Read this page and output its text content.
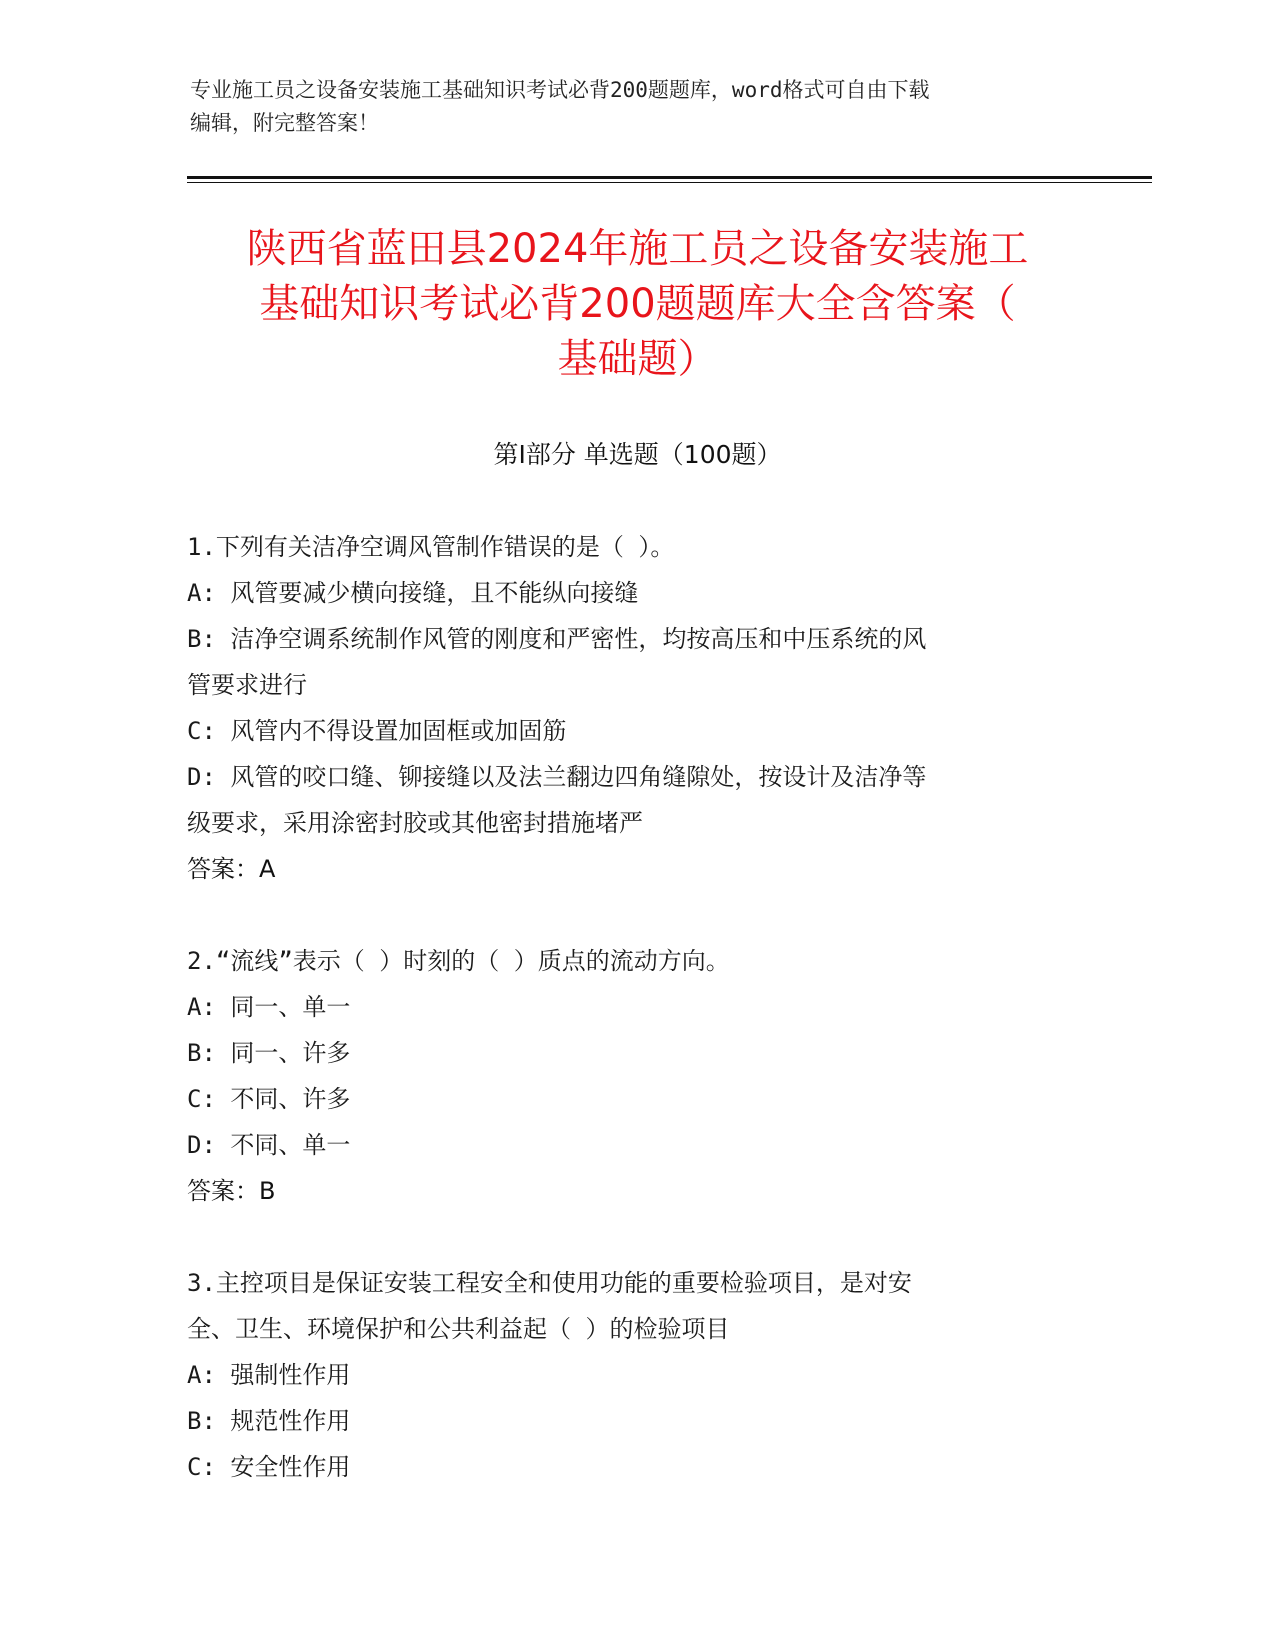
专业施工员之设备安装施工基础知识考试必背200题题库，word格式可自由下载
编辑，附完整答案！
陕西省蓝田县2024年施工员之设备安装施工
基础知识考试必背200题题库大全含答案（
基础题）
第I部分 单选题（100题）

1.下列有关洁净空调风管制作错误的是（ ）。

A: 风管要减少横向接缝，且不能纵向接缝

B: 洁净空调系统制作风管的刚度和严密性，均按高压和中压系统的风

管要求进行

C: 风管内不得设置加固框或加固筋

D: 风管的咬口缝、铆接缝以及法兰翻边四角缝隙处，按设计及洁净等

级要求，采用涂密封胶或其他密封措施堵严

答案：A

2.“流线”表示（ ）时刻的（ ）质点的流动方向。

A: 同一、单一

B: 同一、许多

C: 不同、许多

D: 不同、单一

答案：B

3.主控项目是保证安装工程安全和使用功能的重要检验项目，是对安

全、卫生、环境保护和公共利益起（ ）的检验项目

A: 强制性作用

B: 规范性作用

C: 安全性作用
